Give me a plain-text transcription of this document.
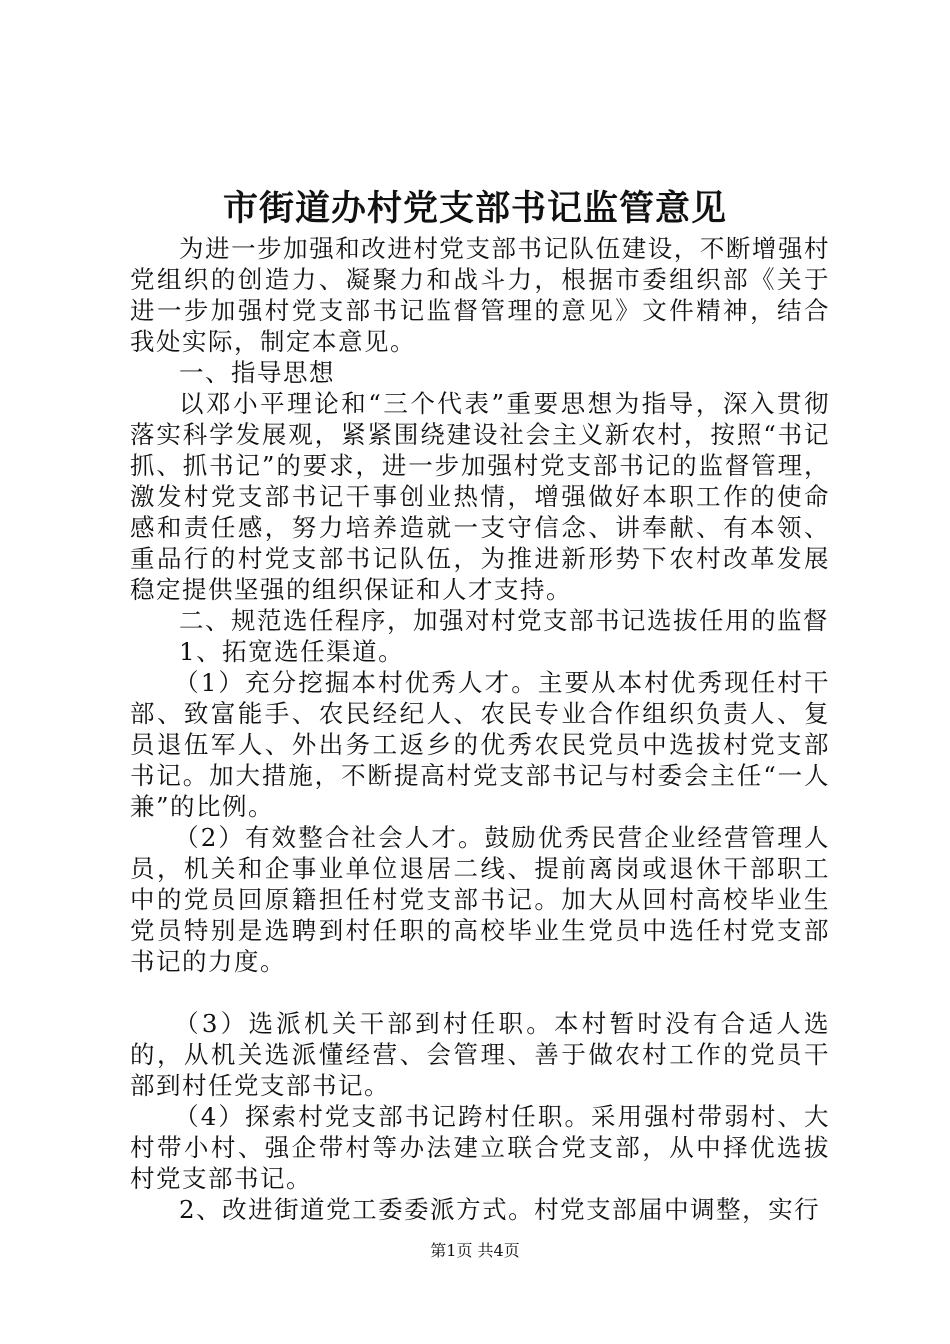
市街道办村党支部书记监管意见

为进一步加强和改进村党支部书记队伍建设，不断增强村党组织的创造力、凝聚力和战斗力，根据市委组织部《关于进一步加强村党支部书记监督管理的意见》文件精神，结合我处实际，制定本意见。

一、指导思想

以邓小平理论和“三个代表”重要思想为指导，深入贯彻落实科学发展观，紧紧围绕建设社会主义新农村，按照“书记抓、抓书记”的要求，进一步加强村党支部书记的监督管理，激发村党支部书记干事创业热情，增强做好本职工作的使命感和责任感，努力培养造就一支守信念、讲奉献、有本领、重品行的村党支部书记队伍，为推进新形势下农村改革发展稳定提供坚强的组织保证和人才支持。

二、规范选任程序，加强对村党支部书记选拔任用的监督

1、拓宽选任渠道。

（1）充分挖掘本村优秀人才。主要从本村优秀现任村干部、致富能手、农民经纪人、农民专业合作组织负责人、复员退伍军人、外出务工返乡的优秀农民党员中选拔村党支部书记。加大措施，不断提高村党支部书记与村委会主任“一人兼”的比例。

（2）有效整合社会人才。鼓励优秀民营企业经营管理人员，机关和企事业单位退居二线、提前离岗或退休干部职工中的党员回原籍担任村党支部书记。加大从回村高校毕业生党员特别是选聘到村任职的高校毕业生党员中选任村党支部书记的力度。

（3）选派机关干部到村任职。本村暂时没有合适人选的，从机关选派懂经营、会管理、善于做农村工作的党员干部到村任党支部书记。

（4）探索村党支部书记跨村任职。采用强村带弱村、大村带小村、强企带村等办法建立联合党支部，从中择优选拔村党支部书记。

2、改进街道党工委委派方式。村党支部届中调整，实行

第1页 共4页
